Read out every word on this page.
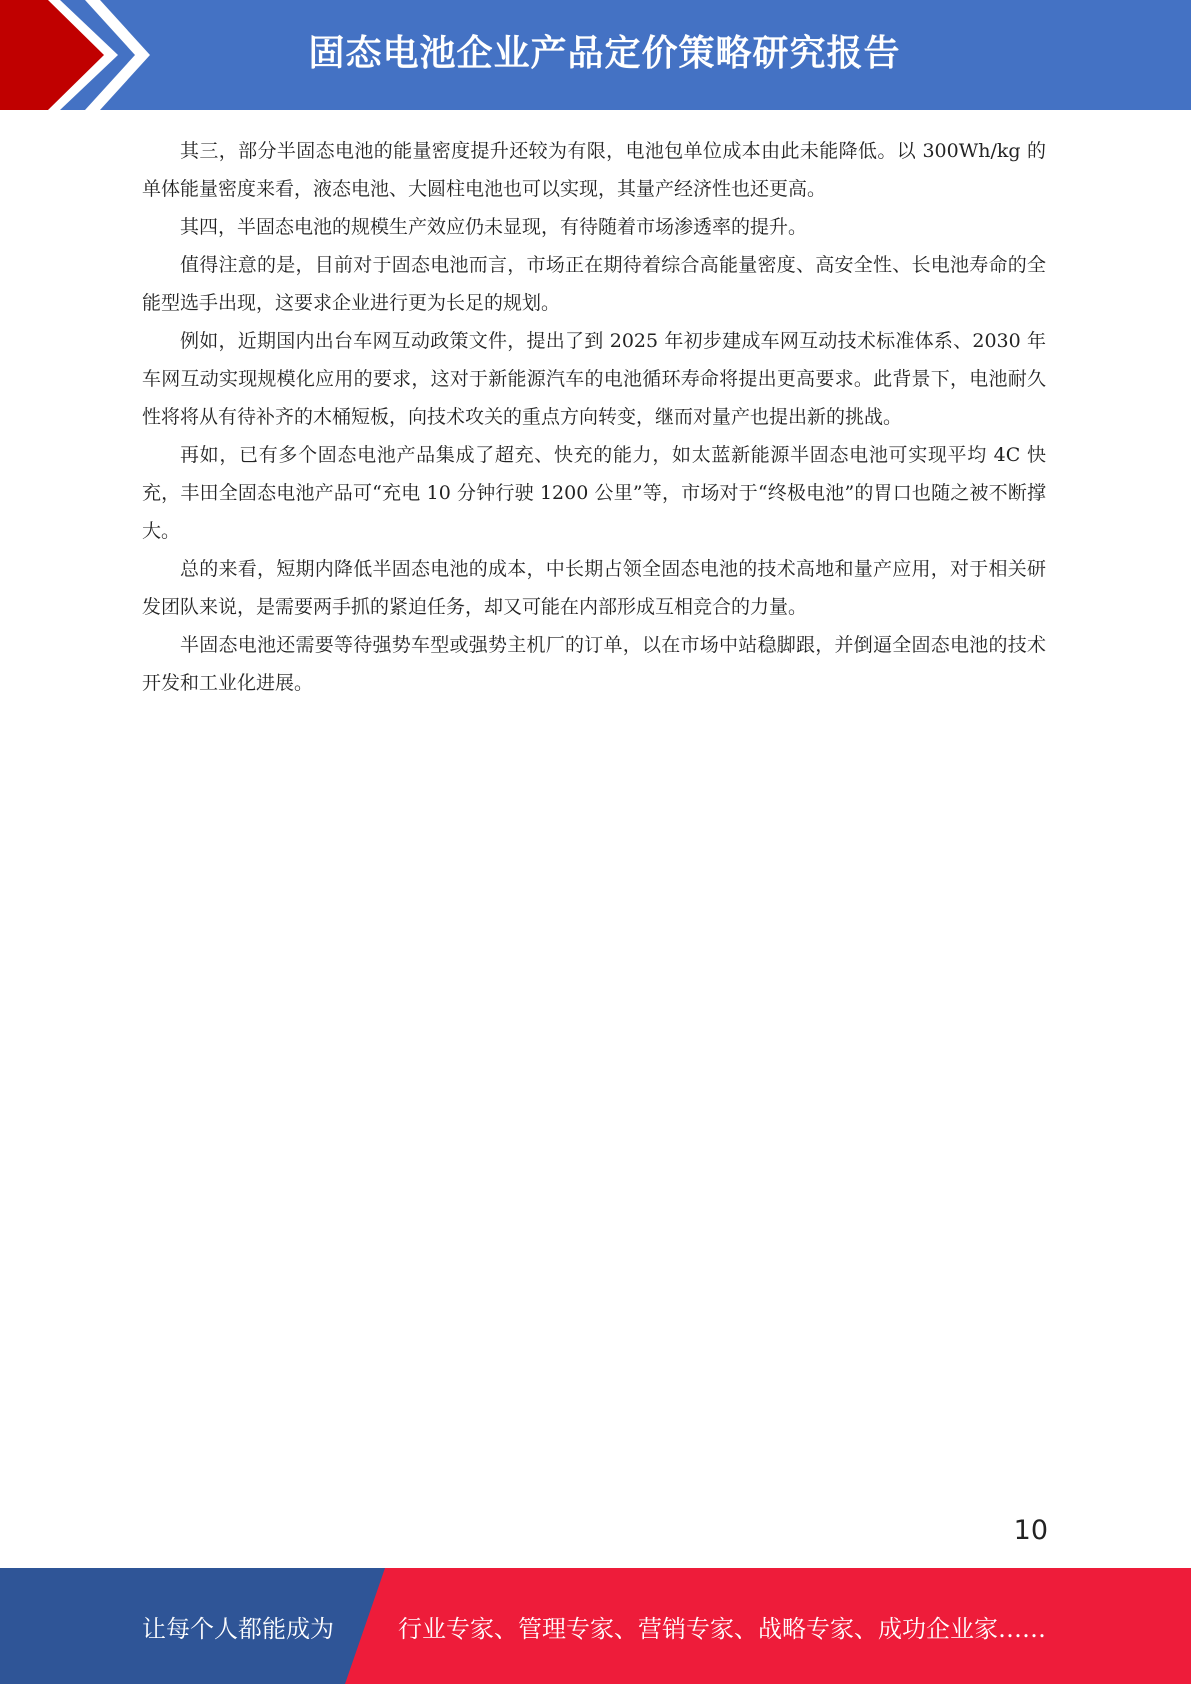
固态电池企业产品定价策略研究报告

其三，部分半固态电池的能量密度提升还较为有限，电池包单位成本由此未能降低。以 300Wh/kg 的单体能量密度来看，液态电池、大圆柱电池也可以实现，其量产经济性也还更高。

其四，半固态电池的规模生产效应仍未显现，有待随着市场渗透率的提升。

值得注意的是，目前对于固态电池而言，市场正在期待着综合高能量密度、高安全性、长电池寿命的全能型选手出现，这要求企业进行更为长足的规划。

例如，近期国内出台车网互动政策文件，提出了到 2025 年初步建成车网互动技术标准体系、2030 年车网互动实现规模化应用的要求，这对于新能源汽车的电池循环寿命将提出更高要求。此背景下，电池耐久性将将从有待补齐的木桶短板，向技术攻关的重点方向转变，继而对量产也提出新的挑战。

再如，已有多个固态电池产品集成了超充、快充的能力，如太蓝新能源半固态电池可实现平均 4C 快充，丰田全固态电池产品可“充电 10 分钟行驶 1200 公里”等，市场对于“终极电池”的胃口也随之被不断撑大。

总的来看，短期内降低半固态电池的成本，中长期占领全固态电池的技术高地和量产应用，对于相关研发团队来说，是需要两手抓的紧迫任务，却又可能在内部形成互相竞合的力量。

半固态电池还需要等待强势车型或强势主机厂的订单，以在市场中站稳脚跟，并倒逼全固态电池的技术开发和工业化进展。

10
让每个人都能成为	行业专家、管理专家、营销专家、战略专家、成功企业家……
